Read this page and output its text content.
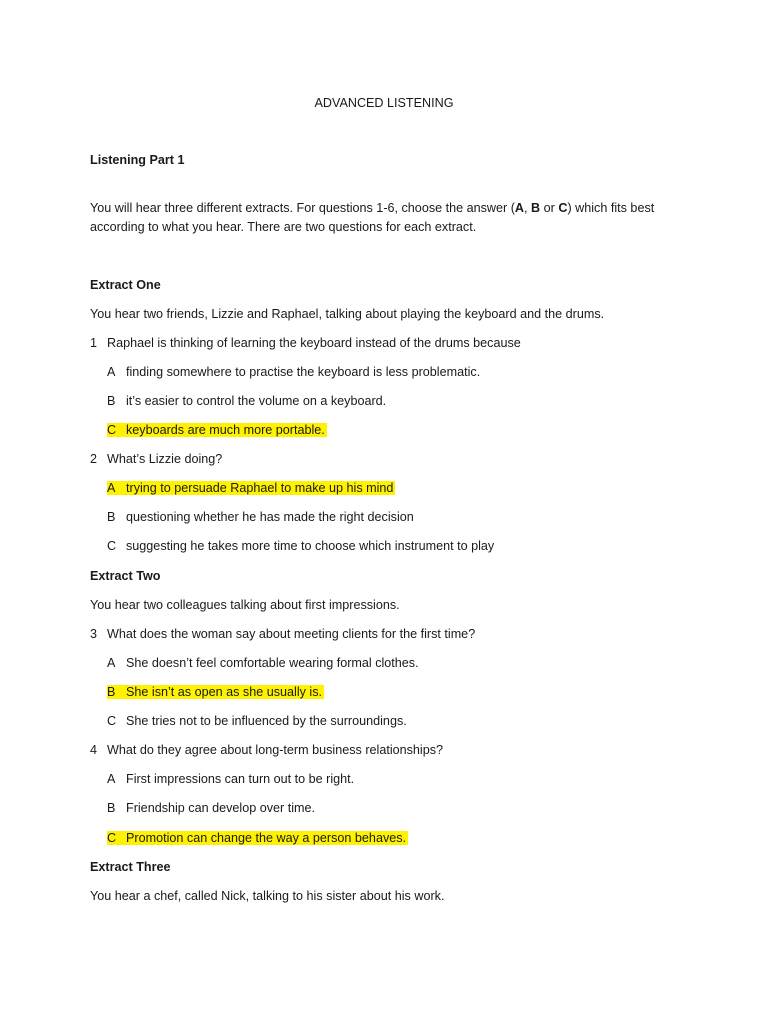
ADVANCED LISTENING
Listening Part 1
You will hear three different extracts. For questions 1-6, choose the answer (A, B or C) which fits best
according to what you hear. There are two questions for each extract.
Extract One
You hear two friends, Lizzie and Raphael, talking about playing the keyboard and the drums.
1 Raphael is thinking of learning the keyboard instead of the drums because
A finding somewhere to practise the keyboard is less problematic.
B it’s easier to control the volume on a keyboard.
C keyboards are much more portable.
2 What’s Lizzie doing?
A trying to persuade Raphael to make up his mind
B questioning whether he has made the right decision
C suggesting he takes more time to choose which instrument to play
Extract Two
You hear two colleagues talking about first impressions.
3 What does the woman say about meeting clients for the first time?
A She doesn’t feel comfortable wearing formal clothes.
B She isn’t as open as she usually is.
C She tries not to be influenced by the surroundings.
4 What do they agree about long-term business relationships?
A First impressions can turn out to be right.
B Friendship can develop over time.
C Promotion can change the way a person behaves.
Extract Three
You hear a chef, called Nick, talking to his sister about his work.
